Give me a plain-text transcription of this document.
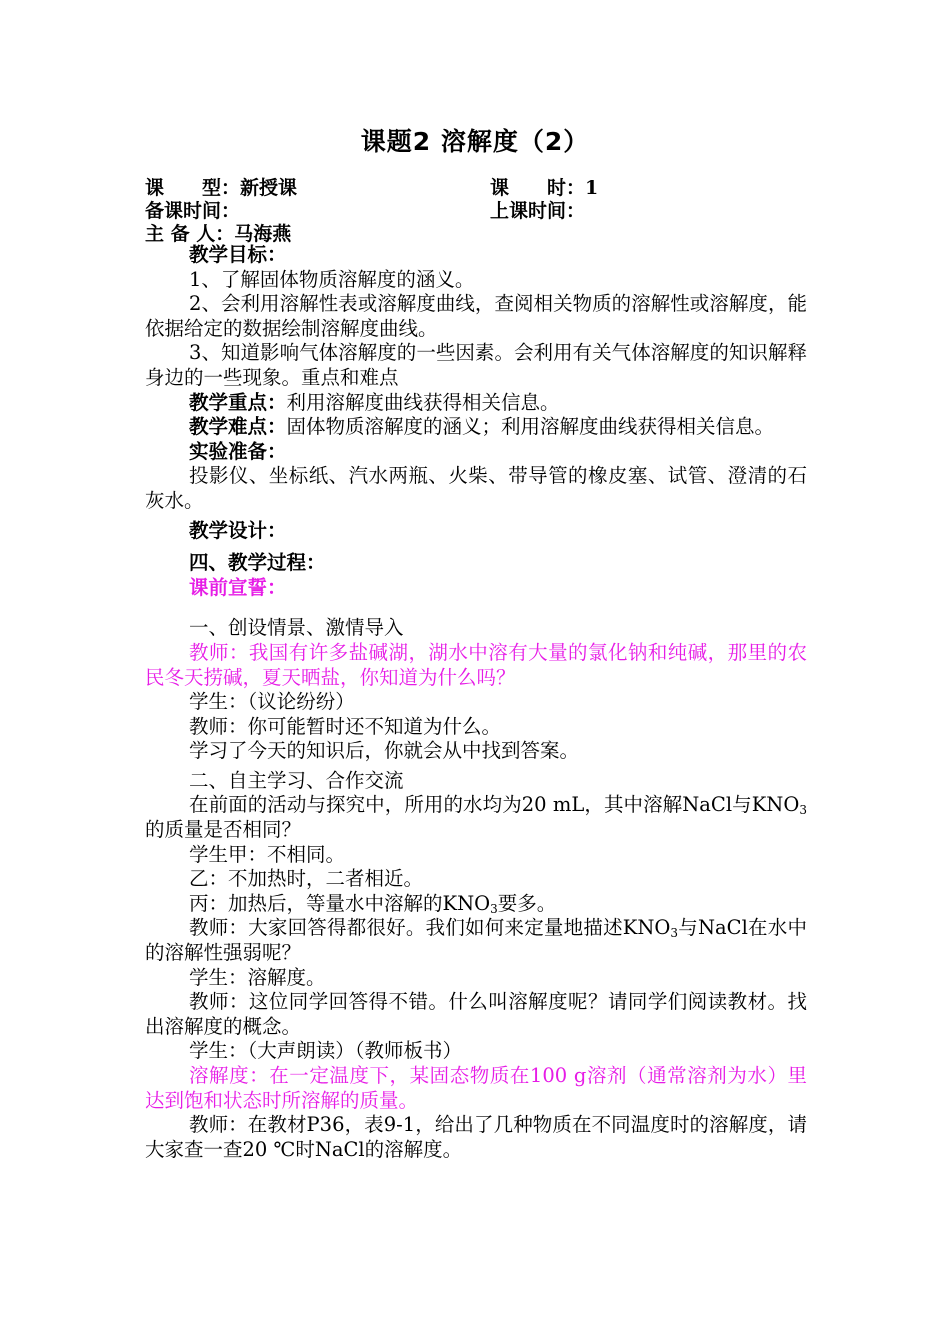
课题2 溶解度（2）
课　　型：新授课	课　　时：1
备课时间：	上课时间：
主 备 人：马海燕

教学目标：

1、了解固体物质溶解度的涵义。

2、会利用溶解性表或溶解度曲线，查阅相关物质的溶解性或溶解度，能依据给定的数据绘制溶解度曲线。

3、知道影响气体溶解度的一些因素。会利用有关气体溶解度的知识解释身边的一些现象。重点和难点

教学重点：利用溶解度曲线获得相关信息。

教学难点：固体物质溶解度的涵义；利用溶解度曲线获得相关信息。

实验准备：

投影仪、坐标纸、汽水两瓶、火柴、带导管的橡皮塞、试管、澄清的石灰水。

教学设计：

四、教学过程：

课前宣誓：

一、创设情景、激情导入

教师：我国有许多盐碱湖，湖水中溶有大量的氯化钠和纯碱，那里的农民冬天捞碱，夏天晒盐，你知道为什么吗？

学生：（议论纷纷）

教师：你可能暂时还不知道为什么。

学习了今天的知识后，你就会从中找到答案。

二、自主学习、合作交流

在前面的活动与探究中，所用的水均为20 mL，其中溶解NaCl与$KNO_3$的质量是否相同？

学生甲：不相同。

乙：不加热时，二者相近。

丙：加热后，等量水中溶解的$KNO_3$要多。

教师：大家回答得都很好。我们如何来定量地描述$KNO_3$与NaCl在水中的溶解性强弱呢？

学生：溶解度。

教师：这位同学回答得不错。什么叫溶解度呢？请同学们阅读教材。找出溶解度的概念。

学生：（大声朗读）（教师板书）

溶解度：在一定温度下，某固态物质在100 g溶剂（通常溶剂为水）里达到饱和状态时所溶解的质量。

教师：在教材P36，表9-1，给出了几种物质在不同温度时的溶解度，请大家查一查20 ℃时NaCl的溶解度。
